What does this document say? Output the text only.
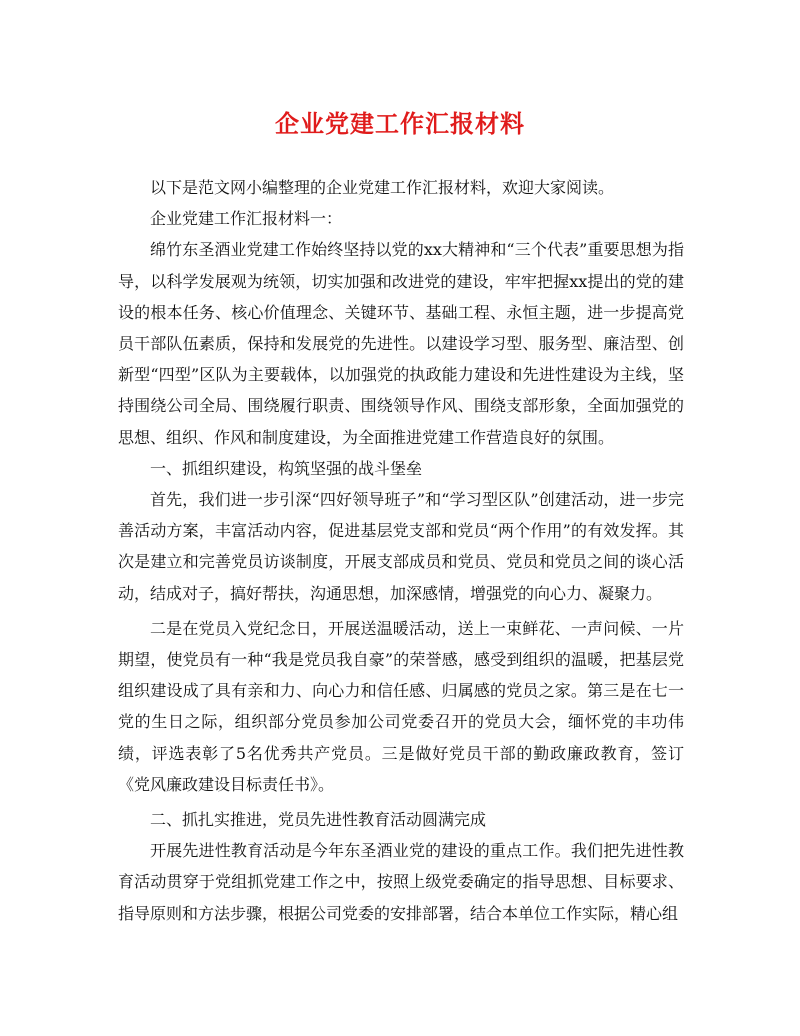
企业党建工作汇报材料

以下是范文网小编整理的企业党建工作汇报材料，欢迎大家阅读。

企业党建工作汇报材料一：

绵竹东圣酒业党建工作始终坚持以党的xx大精神和“三个代表”重要思想为指导，以科学发展观为统领，切实加强和改进党的建设，牢牢把握xx提出的党的建设的根本任务、核心价值理念、关键环节、基础工程、永恒主题，进一步提高党员干部队伍素质，保持和发展党的先进性。以建设学习型、服务型、廉洁型、创新型“四型”区队为主要载体，以加强党的执政能力建设和先进性建设为主线，坚持围绕公司全局、围绕履行职责、围绕领导作风、围绕支部形象，全面加强党的思想、组织、作风和制度建设，为全面推进党建工作营造良好的氛围。

一、抓组织建设，构筑坚强的战斗堡垒

首先，我们进一步引深“四好领导班子”和“学习型区队”创建活动，进一步完善活动方案，丰富活动内容，促进基层党支部和党员“两个作用”的有效发挥。其次是建立和完善党员访谈制度，开展支部成员和党员、党员和党员之间的谈心活动，结成对子，搞好帮扶，沟通思想，加深感情，增强党的向心力、凝聚力。

二是在党员入党纪念日，开展送温暖活动，送上一束鲜花、一声问候、一片期望，使党员有一种“我是党员我自豪”的荣誉感，感受到组织的温暖，把基层党组织建设成了具有亲和力、向心力和信任感、归属感的党员之家。第三是在七一党的生日之际，组织部分党员参加公司党委召开的党员大会，缅怀党的丰功伟绩，评选表彰了5名优秀共产党员。三是做好党员干部的勤政廉政教育，签订《党风廉政建设目标责任书》。

二、抓扎实推进，党员先进性教育活动圆满完成

开展先进性教育活动是今年东圣酒业党的建设的重点工作。我们把先进性教育活动贯穿于党组抓党建工作之中，按照上级党委确定的指导思想、目标要求、指导原则和方法步骤，根据公司党委的安排部署，结合本单位工作实际，精心组
